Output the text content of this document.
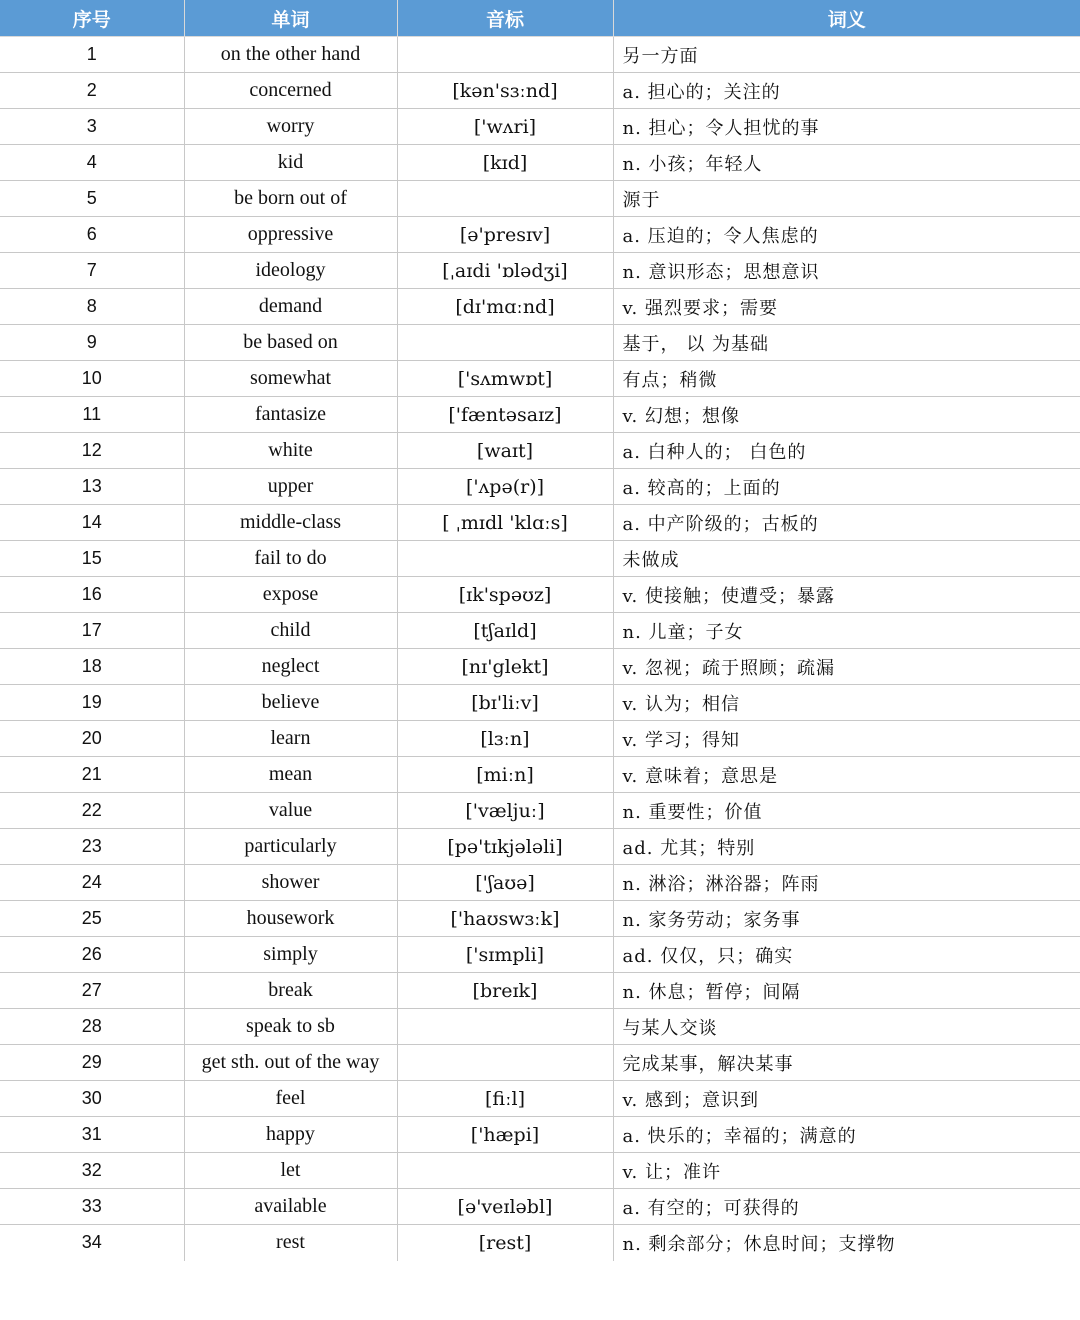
序号	单词	音标	词义
1	on the other hand		另一方面
2	concerned	[kən'sɜːnd]	a. 担心的；关注的
3	worry	['wʌri]	n. 担心；令人担忧的事
4	kid	[kɪd]	n. 小孩；年轻人
5	be born out of		源于
6	oppressive	[ə'presɪv]	a. 压迫的；令人焦虑的
7	ideology	[ˌaɪdi 'ɒlədʒi]	n. 意识形态；思想意识
8	demand	[dɪ'mɑːnd]	v. 强烈要求；需要
9	be based on		基于， 以 为基础
10	somewhat	['sʌmwɒt]	有点；稍微
11	fantasize	['fæntəsaɪz]	v. 幻想；想像
12	white	[waɪt]	a. 白种人的； 白色的
13	upper	['ʌpə(r)]	a. 较高的；上面的
14	middle-class	[ ˌmɪdl 'klɑːs]	a. 中产阶级的；古板的
15	fail to do		未做成
16	expose	[ɪk'spəʊz]	v. 使接触；使遭受；暴露
17	child	[tʃaɪld]	n. 儿童；子女
18	neglect	[nɪ'glekt]	v. 忽视；疏于照顾；疏漏
19	believe	[bɪ'liːv]	v. 认为；相信
20	learn	[lɜːn]	v. 学习；得知
21	mean	[miːn]	v. 意味着；意思是
22	value	['væljuː]	n. 重要性；价值
23	particularly	[pə'tɪkjələli]	ad. 尤其；特别
24	shower	['ʃaʊə]	n. 淋浴；淋浴器；阵雨
25	housework	['haʊswɜːk]	n. 家务劳动；家务事
26	simply	['sɪmpli]	ad. 仅仅，只；确实
27	break	[breɪk]	n. 休息；暂停；间隔
28	speak to sb		与某人交谈
29	get sth. out of the way		完成某事，解决某事
30	feel	[fiːl]	v. 感到；意识到
31	happy	['hæpi]	a. 快乐的；幸福的；满意的
32	let		v. 让；准许
33	available	[ə'veɪləbl]	a. 有空的；可获得的
34	rest	[rest]	n. 剩余部分；休息时间；支撑物
